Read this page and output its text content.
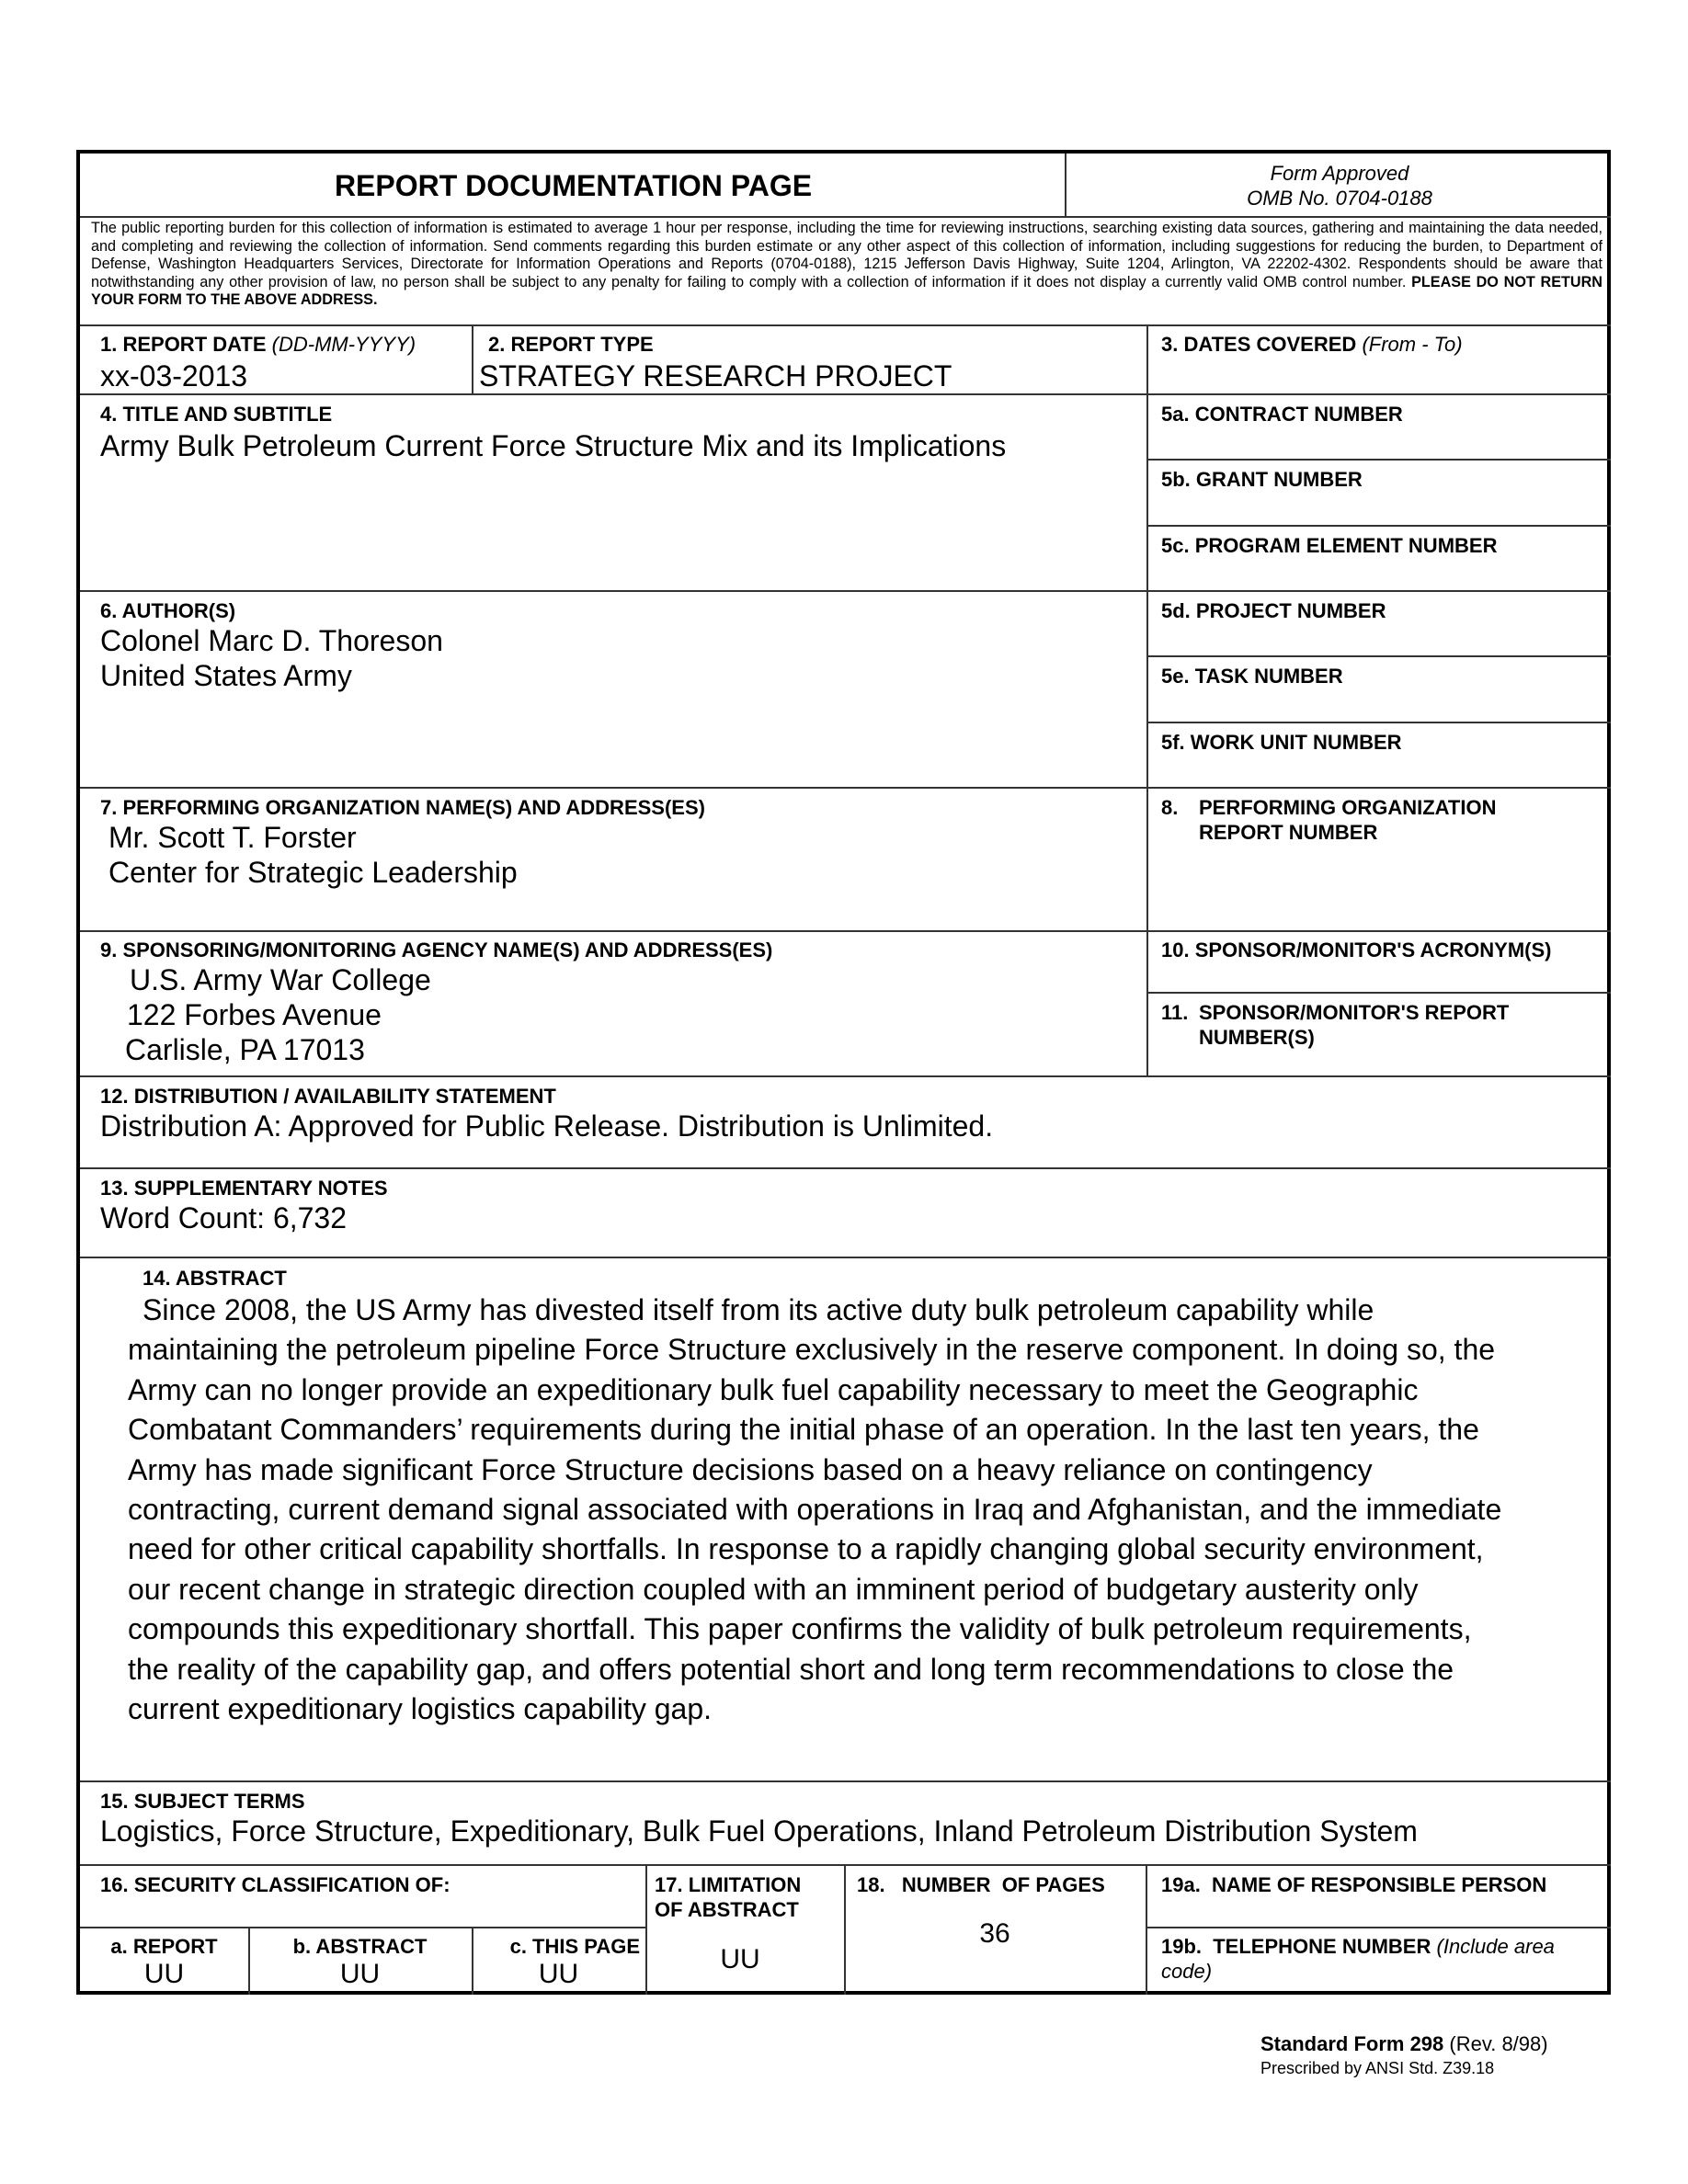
REPORT DOCUMENTATION PAGE	Form Approved
OMB No. 0704-0188
The public reporting burden for this collection of information is estimated to average 1 hour per response, including the time for reviewing instructions, searching existing data sources, gathering and maintaining the data needed, and completing and reviewing the collection of information. Send comments regarding this burden estimate or any other aspect of this collection of information, including suggestions for reducing the burden, to Department of Defense, Washington Headquarters Services, Directorate for Information Operations and Reports (0704-0188), 1215 Jefferson Davis Highway, Suite 1204, Arlington, VA 22202-4302. Respondents should be aware that notwithstanding any other provision of law, no person shall be subject to any penalty for failing to comply with a collection of information if it does not display a currently valid OMB control number. PLEASE DO NOT RETURN YOUR FORM TO THE ABOVE ADDRESS.
1. REPORT DATE (DD-MM-YYYY)
xx-03-2013
2. REPORT TYPE
STRATEGY RESEARCH PROJECT
3. DATES COVERED (From - To)
4. TITLE AND SUBTITLE
Army Bulk Petroleum Current Force Structure Mix and its Implications
5a. CONTRACT NUMBER
5b. GRANT NUMBER
5c. PROGRAM ELEMENT NUMBER
6. AUTHOR(S)
Colonel Marc D. Thoreson
United States Army
5d. PROJECT NUMBER
5e. TASK NUMBER
5f. WORK UNIT NUMBER
7. PERFORMING ORGANIZATION NAME(S) AND ADDRESS(ES)
Mr. Scott T. Forster
Center for Strategic Leadership
8.	PERFORMING ORGANIZATION
REPORT NUMBER
9. SPONSORING/MONITORING AGENCY NAME(S) AND ADDRESS(ES)
U.S. Army War College
122 Forbes Avenue
Carlisle, PA 17013
10. SPONSOR/MONITOR'S ACRONYM(S)
11. SPONSOR/MONITOR'S REPORT
NUMBER(S)
12. DISTRIBUTION / AVAILABILITY STATEMENT
Distribution A: Approved for Public Release. Distribution is Unlimited.
13. SUPPLEMENTARY NOTES
Word Count: 6,732
14. ABSTRACT
Since 2008, the US Army has divested itself from its active duty bulk petroleum capability while
maintaining the petroleum pipeline Force Structure exclusively in the reserve component. In doing so, the
Army can no longer provide an expeditionary bulk fuel capability necessary to meet the Geographic
Combatant Commanders’ requirements during the initial phase of an operation. In the last ten years, the
Army has made significant Force Structure decisions based on a heavy reliance on contingency
contracting, current demand signal associated with operations in Iraq and Afghanistan, and the immediate
need for other critical capability shortfalls. In response to a rapidly changing global security environment,
our recent change in strategic direction coupled with an imminent period of budgetary austerity only
compounds this expeditionary shortfall. This paper confirms the validity of bulk petroleum requirements,
the reality of the capability gap, and offers potential short and long term recommendations to close the
current expeditionary logistics capability gap.
15. SUBJECT TERMS
Logistics, Force Structure, Expeditionary, Bulk Fuel Operations, Inland Petroleum Distribution System
16. SECURITY CLASSIFICATION OF:
a. REPORT
UU
b. ABSTRACT
UU
c. THIS PAGE
UU
17. LIMITATION
OF ABSTRACT
UU
18.   NUMBER  OF PAGES
36
19a.  NAME OF RESPONSIBLE PERSON
19b.  TELEPHONE NUMBER (Include area
code)
Standard Form 298 (Rev. 8/98)
Prescribed by ANSI Std. Z39.18
